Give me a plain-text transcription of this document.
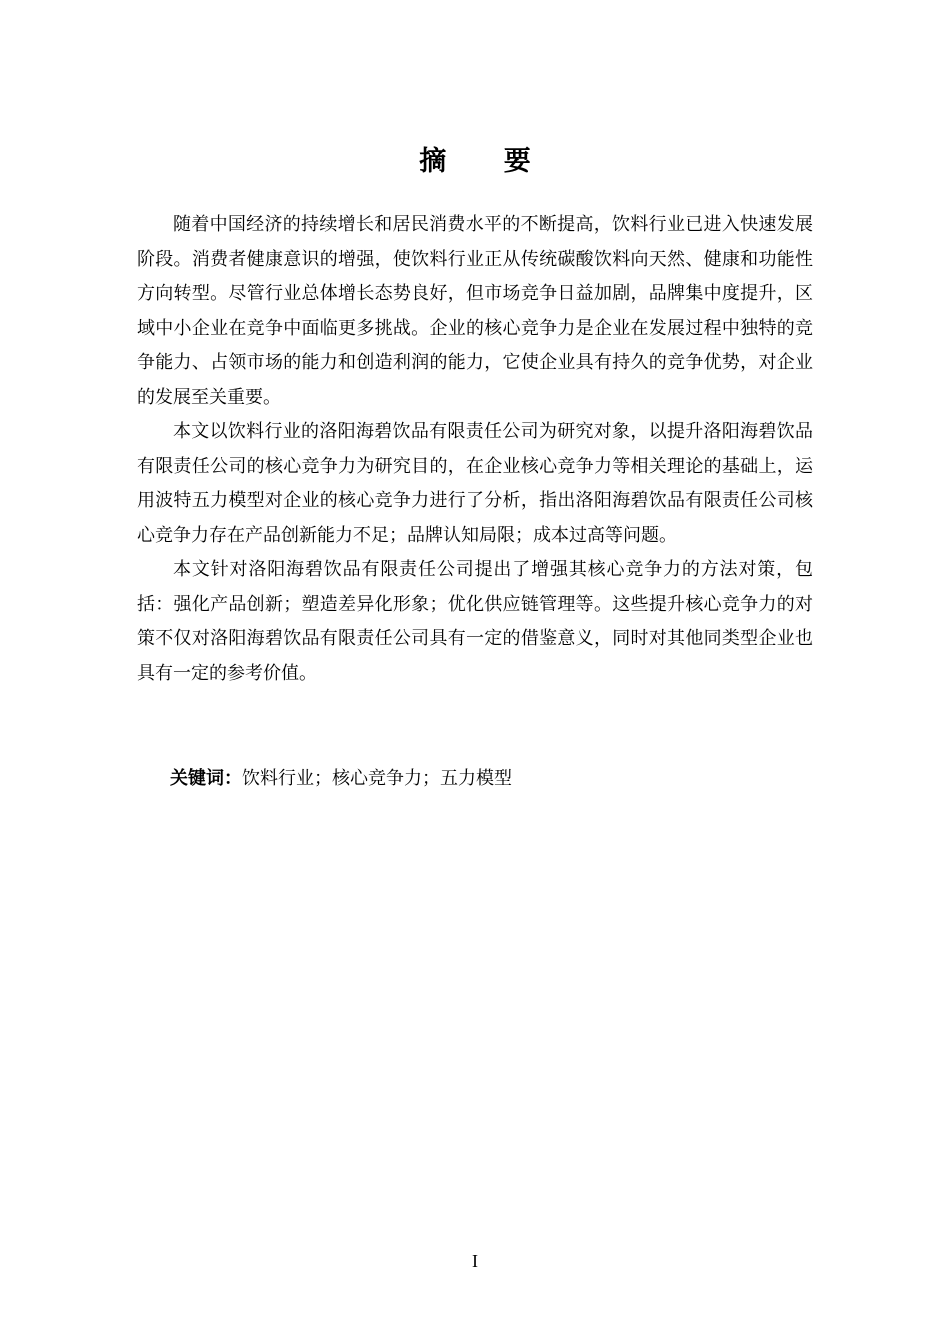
摘 要

随着中国经济的持续增长和居民消费水平的不断提高，饮料行业已进入快速发展阶段。消费者健康意识的增强，使饮料行业正从传统碳酸饮料向天然、健康和功能性方向转型。尽管行业总体增长态势良好，但市场竞争日益加剧，品牌集中度提升，区域中小企业在竞争中面临更多挑战。企业的核心竞争力是企业在发展过程中独特的竞争能力、占领市场的能力和创造利润的能力，它使企业具有持久的竞争优势，对企业的发展至关重要。

本文以饮料行业的洛阳海碧饮品有限责任公司为研究对象，以提升洛阳海碧饮品有限责任公司的核心竞争力为研究目的，在企业核心竞争力等相关理论的基础上，运用波特五力模型对企业的核心竞争力进行了分析，指出洛阳海碧饮品有限责任公司核心竞争力存在产品创新能力不足；品牌认知局限；成本过高等问题。

本文针对洛阳海碧饮品有限责任公司提出了增强其核心竞争力的方法对策，包括：强化产品创新；塑造差异化形象；优化供应链管理等。这些提升核心竞争力的对策不仅对洛阳海碧饮品有限责任公司具有一定的借鉴意义，同时对其他同类型企业也具有一定的参考价值。

关键词：饮料行业；核心竞争力；五力模型
I
